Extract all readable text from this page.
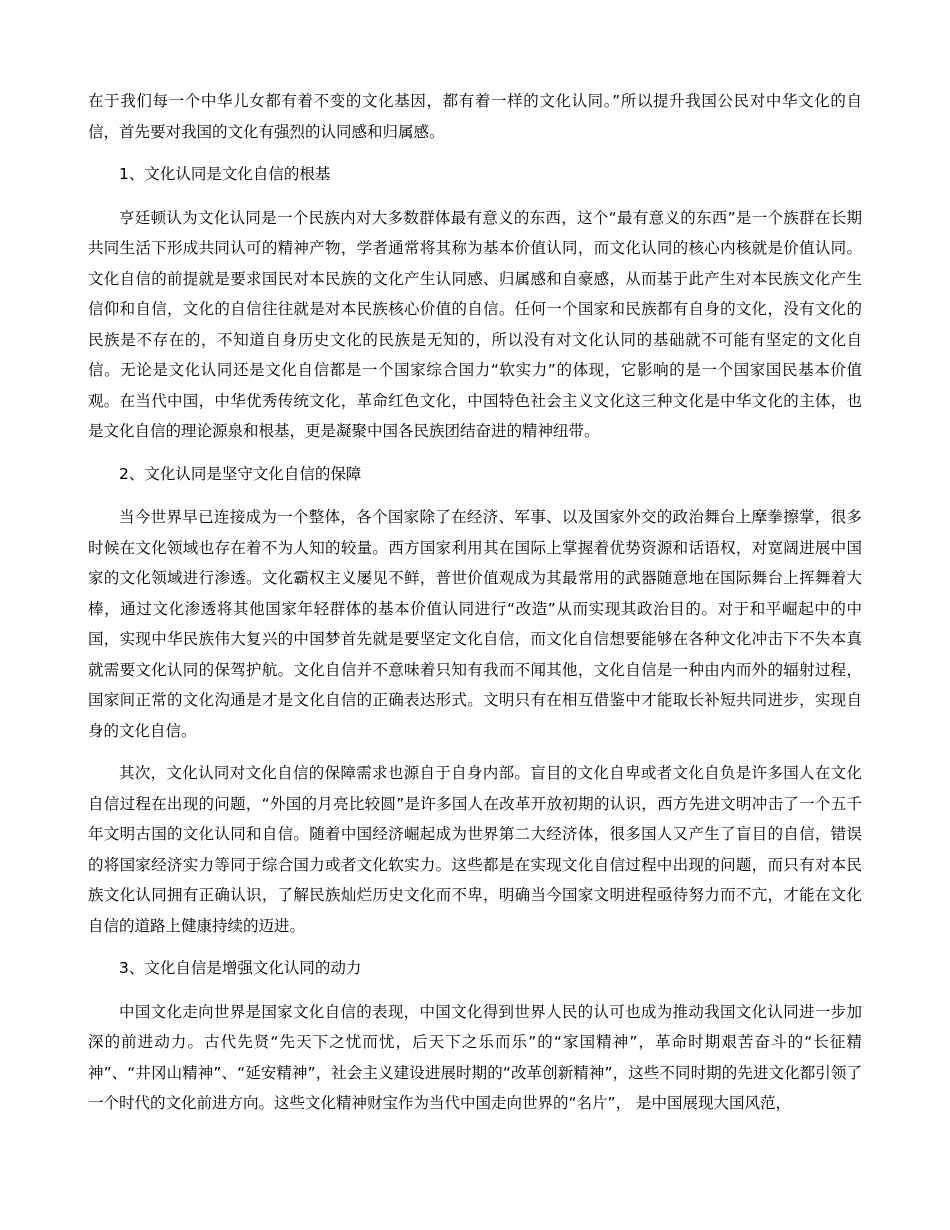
在于我们每一个中华儿女都有着不变的文化基因，都有着一样的文化认同。”所以提升我国公民对中华文化的自信，首先要对我国的文化有强烈的认同感和归属感。

1、文化认同是文化自信的根基

亨廷顿认为文化认同是一个民族内对大多数群体最有意义的东西，这个“最有意义的东西”是一个族群在长期共同生活下形成共同认可的精神产物，学者通常将其称为基本价值认同，而文化认同的核心内核就是价值认同。文化自信的前提就是要求国民对本民族的文化产生认同感、归属感和自豪感，从而基于此产生对本民族文化产生信仰和自信，文化的自信往往就是对本民族核心价值的自信。任何一个国家和民族都有自身的文化，没有文化的民族是不存在的，不知道自身历史文化的民族是无知的，所以没有对文化认同的基础就不可能有坚定的文化自信。无论是文化认同还是文化自信都是一个国家综合国力“软实力”的体现，它影响的是一个国家国民基本价值观。在当代中国，中华优秀传统文化，革命红色文化，中国特色社会主义文化这三种文化是中华文化的主体，也是文化自信的理论源泉和根基，更是凝聚中国各民族团结奋进的精神纽带。

2、文化认同是坚守文化自信的保障

当今世界早已连接成为一个整体，各个国家除了在经济、军事、以及国家外交的政治舞台上摩拳擦掌，很多时候在文化领域也存在着不为人知的较量。西方国家利用其在国际上掌握着优势资源和话语权，对宽阔进展中国家的文化领域进行渗透。文化霸权主义屡见不鲜，普世价值观成为其最常用的武器随意地在国际舞台上挥舞着大棒，通过文化渗透将其他国家年轻群体的基本价值认同进行“改造”从而实现其政治目的。对于和平崛起中的中国，实现中华民族伟大复兴的中国梦首先就是要坚定文化自信，而文化自信想要能够在各种文化冲击下不失本真就需要文化认同的保驾护航。文化自信并不意味着只知有我而不闻其他，文化自信是一种由内而外的辐射过程，国家间正常的文化沟通是才是文化自信的正确表达形式。文明只有在相互借鉴中才能取长补短共同进步，实现自身的文化自信。

其次，文化认同对文化自信的保障需求也源自于自身内部。盲目的文化自卑或者文化自负是许多国人在文化自信过程在出现的问题，“外国的月亮比较圆”是许多国人在改革开放初期的认识，西方先进文明冲击了一个五千年文明古国的文化认同和自信。随着中国经济崛起成为世界第二大经济体，很多国人又产生了盲目的自信，错误的将国家经济实力等同于综合国力或者文化软实力。这些都是在实现文化自信过程中出现的问题，而只有对本民族文化认同拥有正确认识，了解民族灿烂历史文化而不卑，明确当今国家文明进程亟待努力而不亢，才能在文化自信的道路上健康持续的迈进。

3、文化自信是增强文化认同的动力

中国文化走向世界是国家文化自信的表现，中国文化得到世界人民的认可也成为推动我国文化认同进一步加深的前进动力。古代先贤“先天下之忧而忧，后天下之乐而乐”的“家国精神”，革命时期艰苦奋斗的“长征精神”、“井冈山精神”、“延安精神”，社会主义建设进展时期的“改革创新精神”，这些不同时期的先进文化都引领了一个时代的文化前进方向。这些文化精神财宝作为当代中国走向世界的“名片”， 是中国展现大国风范，
